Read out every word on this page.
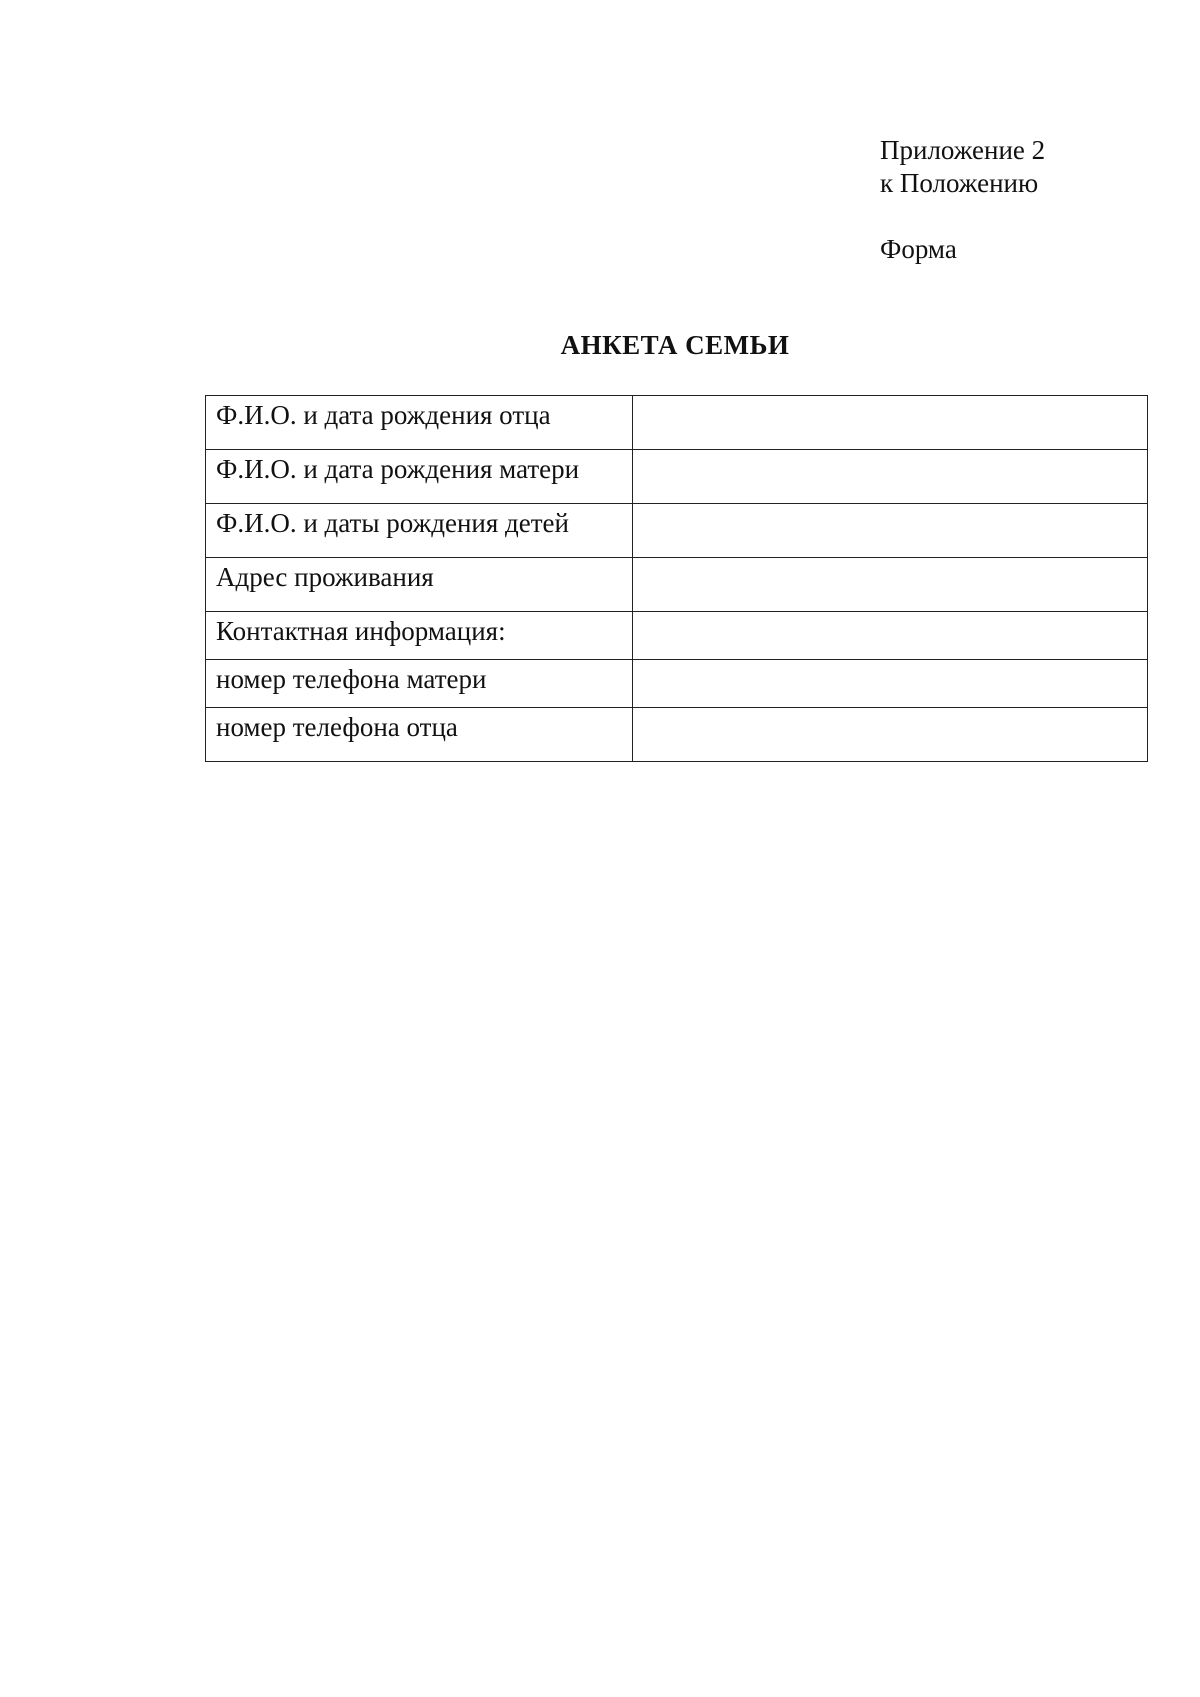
Приложение 2
к Положению
Форма
АНКЕТА СЕМЬИ
Ф.И.О. и дата рождения отца	
Ф.И.О. и дата рождения матери	
Ф.И.О. и даты рождения детей	
Адрес проживания	
Контактная информация:	
номер телефона матери	
номер телефона отца	
